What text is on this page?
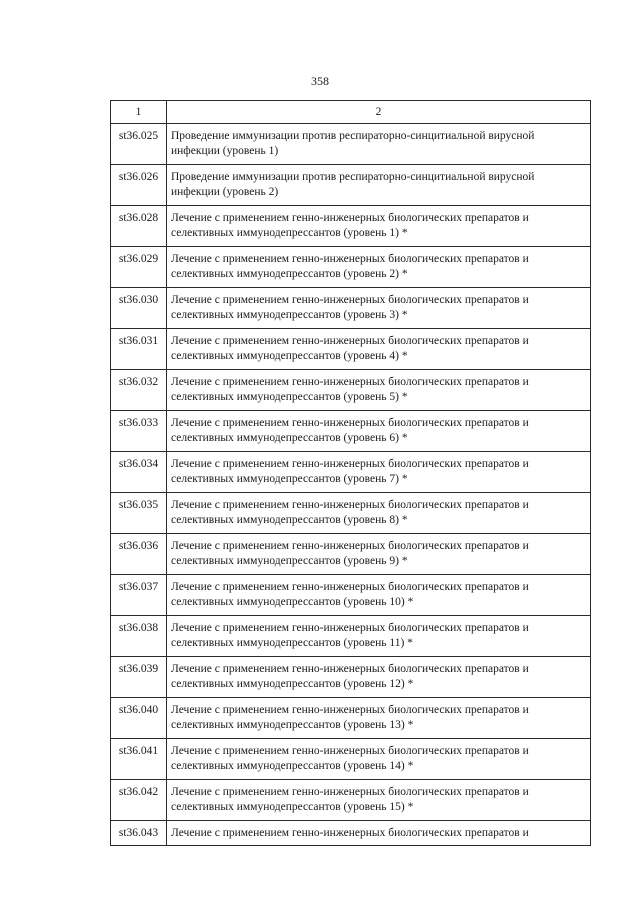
358
1	2
st36.025	Проведение иммунизации против респираторно-синцитиальной вирусной инфекции (уровень 1)
st36.026	Проведение иммунизации против респираторно-синцитиальной вирусной инфекции (уровень 2)
st36.028	Лечение с применением генно-инженерных биологических препаратов и селективных иммунодепрессантов (уровень 1) *
st36.029	Лечение с применением генно-инженерных биологических препаратов и селективных иммунодепрессантов (уровень 2) *
st36.030	Лечение с применением генно-инженерных биологических препаратов и селективных иммунодепрессантов (уровень 3) *
st36.031	Лечение с применением генно-инженерных биологических препаратов и селективных иммунодепрессантов (уровень 4) *
st36.032	Лечение с применением генно-инженерных биологических препаратов и селективных иммунодепрессантов (уровень 5) *
st36.033	Лечение с применением генно-инженерных биологических препаратов и селективных иммунодепрессантов (уровень 6) *
st36.034	Лечение с применением генно-инженерных биологических препаратов и селективных иммунодепрессантов (уровень 7) *
st36.035	Лечение с применением генно-инженерных биологических препаратов и селективных иммунодепрессантов (уровень 8) *
st36.036	Лечение с применением генно-инженерных биологических препаратов и селективных иммунодепрессантов (уровень 9) *
st36.037	Лечение с применением генно-инженерных биологических препаратов и селективных иммунодепрессантов (уровень 10) *
st36.038	Лечение с применением генно-инженерных биологических препаратов и селективных иммунодепрессантов (уровень 11) *
st36.039	Лечение с применением генно-инженерных биологических препаратов и селективных иммунодепрессантов (уровень 12) *
st36.040	Лечение с применением генно-инженерных биологических препаратов и селективных иммунодепрессантов (уровень 13) *
st36.041	Лечение с применением генно-инженерных биологических препаратов и селективных иммунодепрессантов (уровень 14) *
st36.042	Лечение с применением генно-инженерных биологических препаратов и селективных иммунодепрессантов (уровень 15) *
st36.043	Лечение с применением генно-инженерных биологических препаратов и
